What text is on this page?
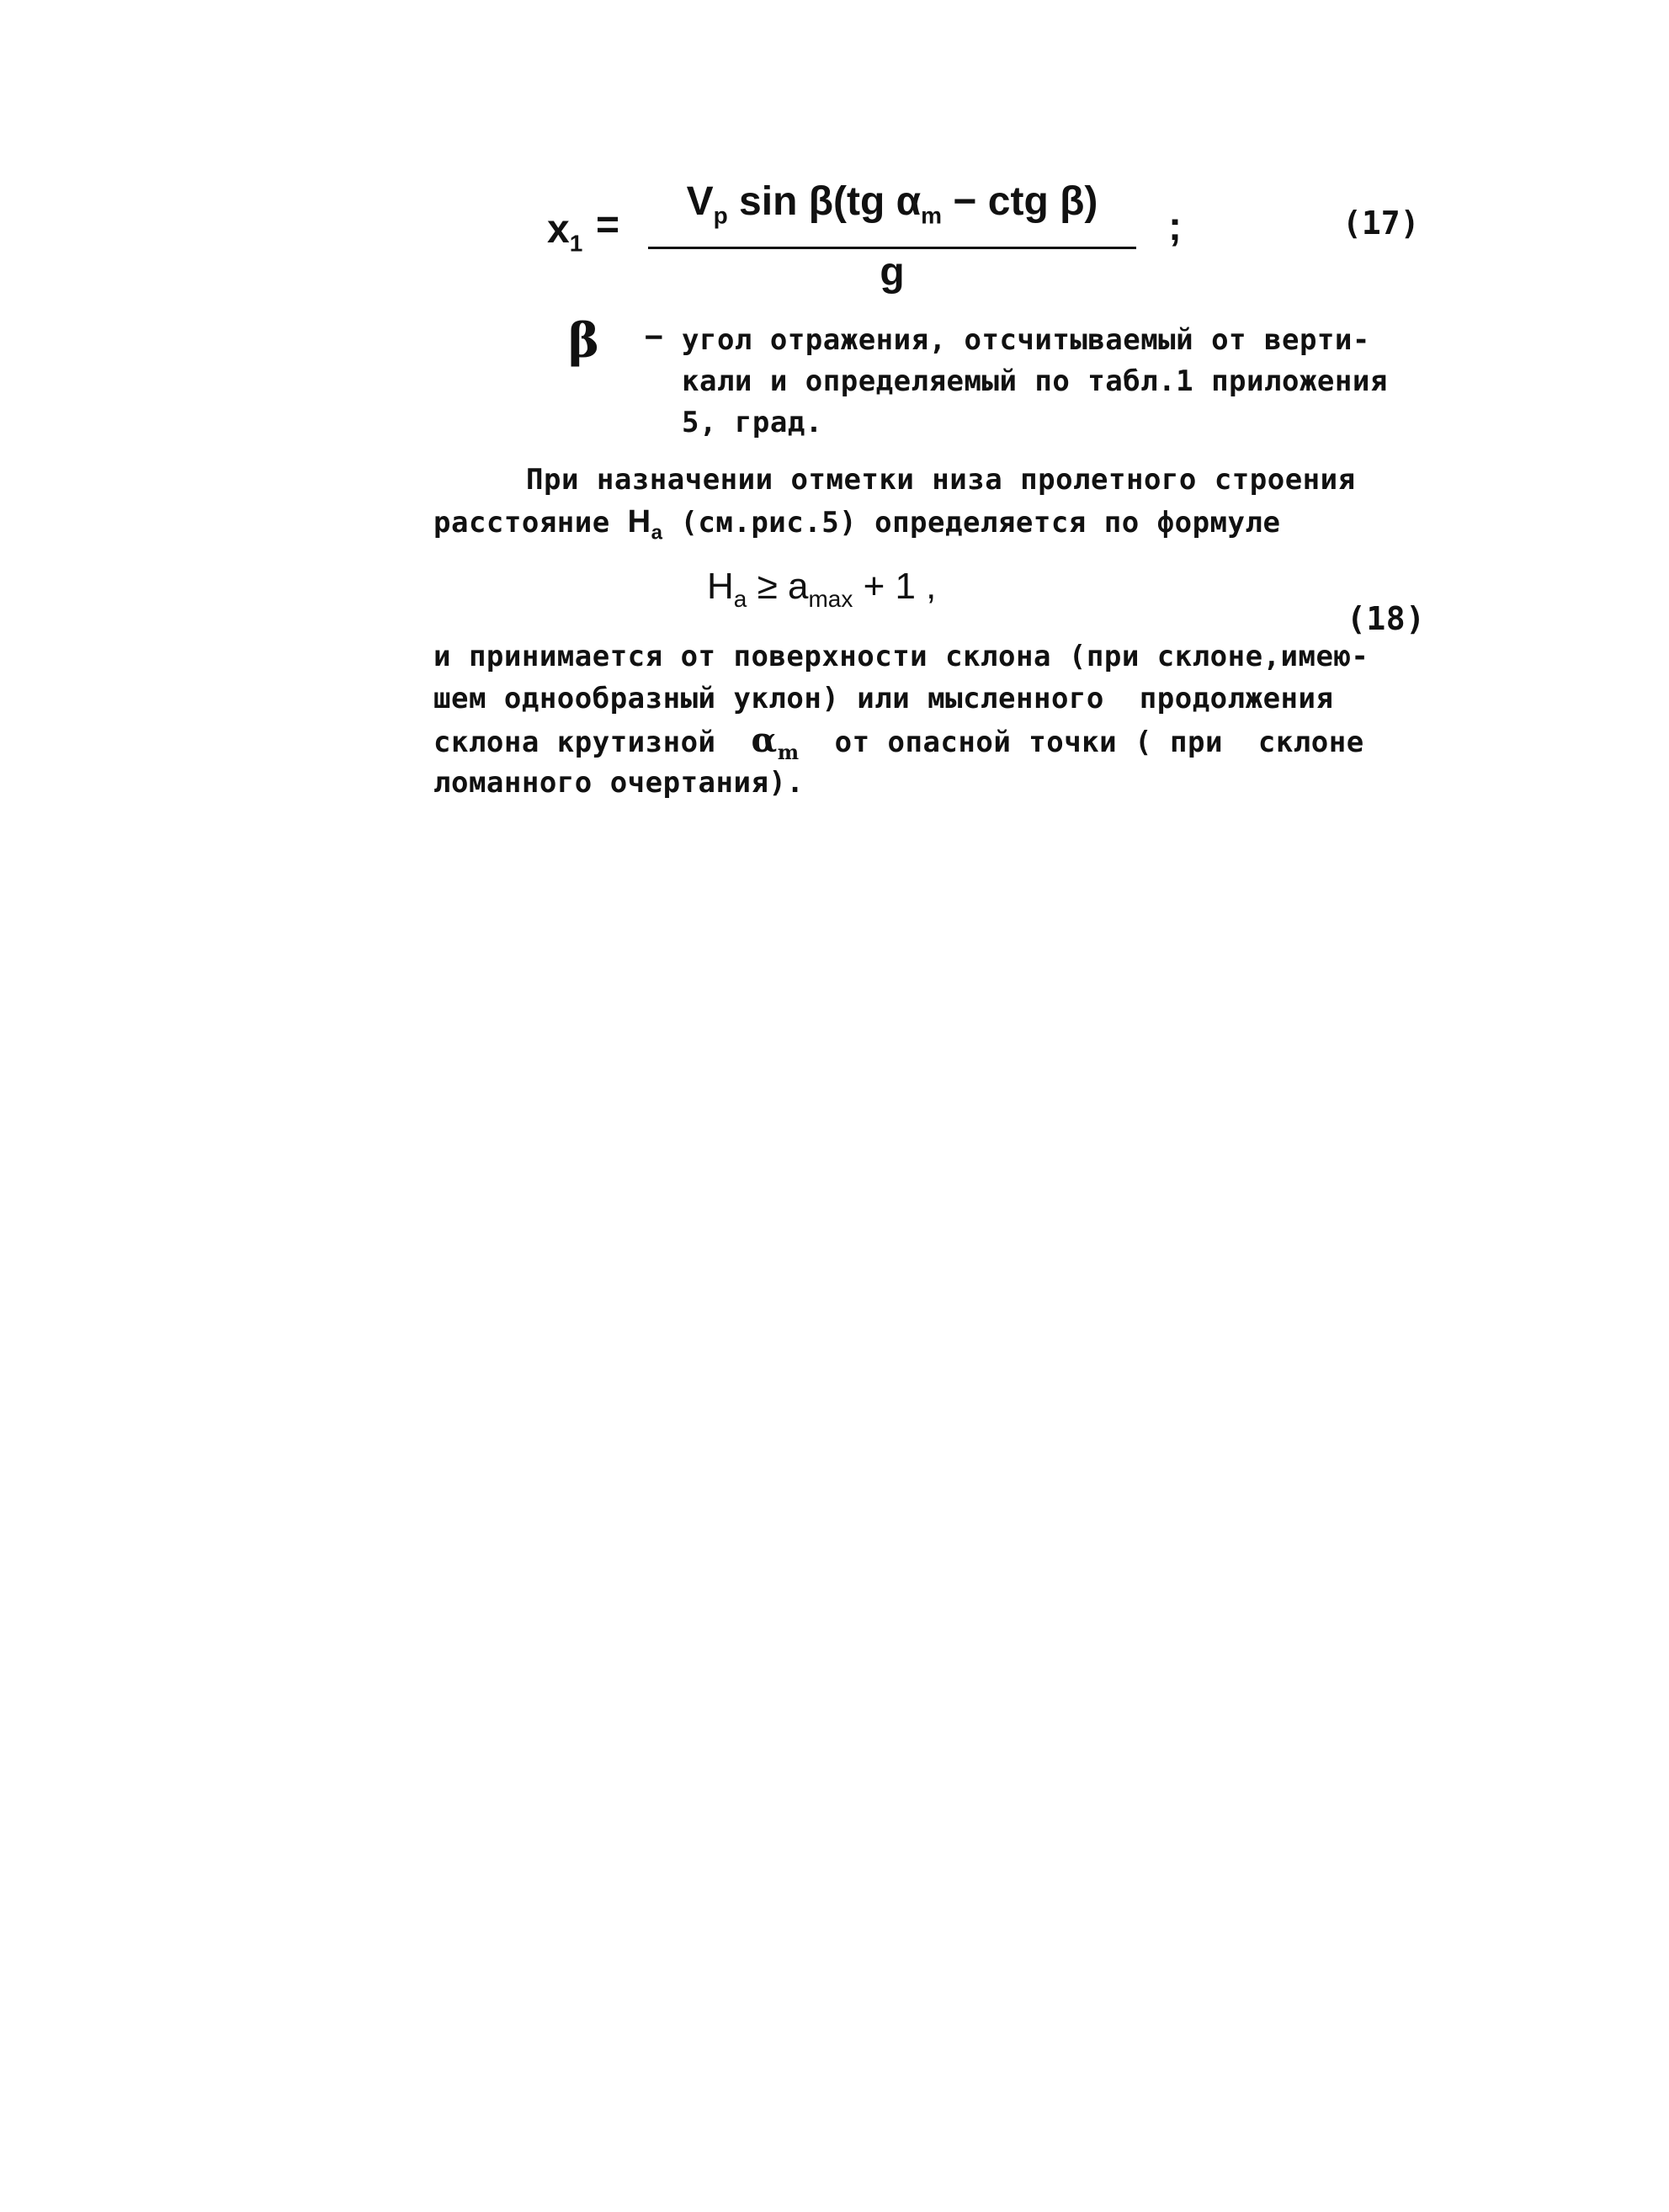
$x_1$ =
$V_p$ sin β(tg $\alpha_m$ − ctg β)
g
;	(17)
β − угол отражения, отсчитываемый от верти-
кали и определяемый по табл.1 приложения
5, град.
При назначении отметки низа пролетного строения
расстояние $H_a$ (см.рис.5) определяется по формуле
$H_a \ge a_{max} + 1$ ,
(18)
и принимается от поверхности склона (при склоне,имею-
шем однообразный уклон) или мысленного  продолжения
склона крутизной  $\alpha_m$  от опасной точки ( при  склоне
ломанного очертания).
